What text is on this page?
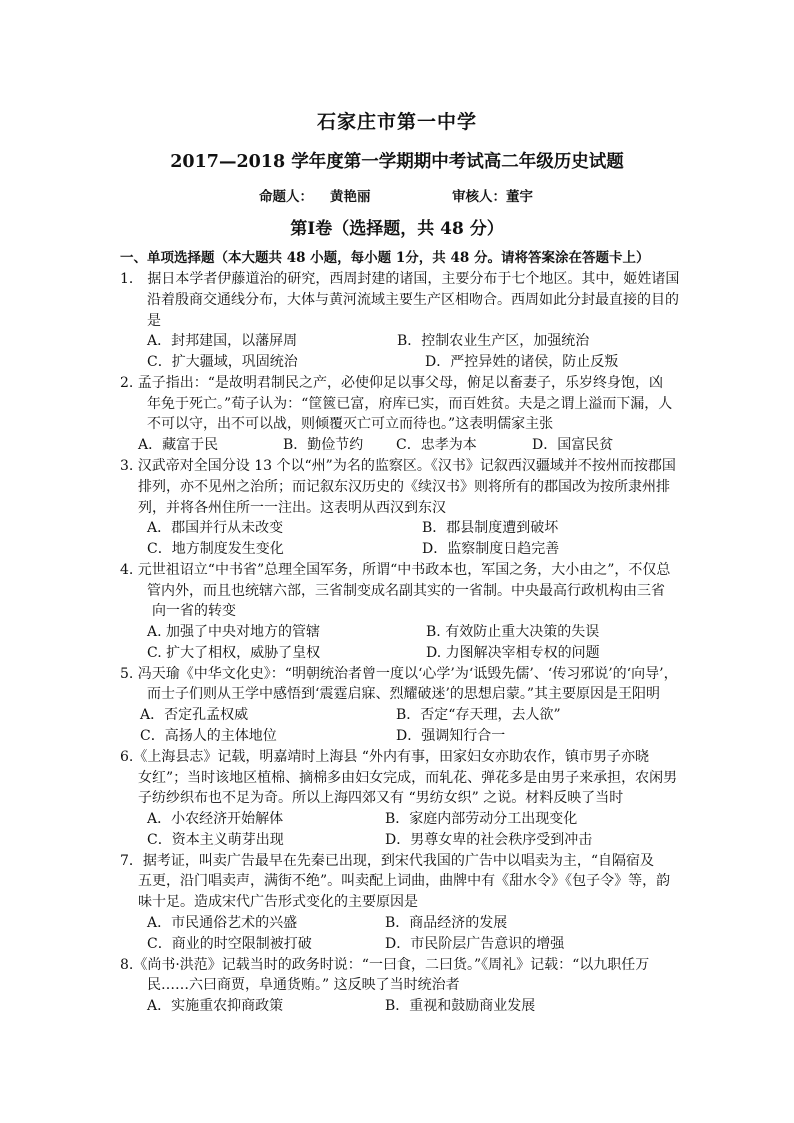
石家庄市第一中学
2017—2018 学年度第一学期期中考试高二年级历史试题
命题人： 黄艳丽	审核人：董宇
第Ⅰ卷（选择题，共 48 分）
一、单项选择题（本大题共 48 小题，每小题 1分，共 48 分。请将答案涂在答题卡上）
1． 据日本学者伊藤道治的研究，西周封建的诸国，主要分布于七个地区。其中，姬姓诸国
沿着殷商交通线分布，大体与黄河流域主要生产区相吻合。西周如此分封最直接的目的
是
A．封邦建国，以藩屏周	B．控制农业生产区，加强统治
C．扩大疆域，巩固统治	D．严控异姓的诸侯，防止反叛
2. 孟子指出：“是故明君制民之产，必使仰足以事父母，俯足以畜妻子，乐岁终身饱，凶
年免于死亡。”荀子认为：“筐篋已富，府库已实，而百姓贫。夫是之谓上溢而下漏，人
不可以守，出不可以战，则倾覆灭亡可立而待也。”这表明儒家主张
A．藏富于民	B．勤俭节约 C．忠孝为本	D．国富民贫
3. 汉武帝对全国分设 13 个以“州”为名的监察区。《汉书》记叙西汉疆域并不按州而按郡国
排列，亦不见州之治所；而记叙东汉历史的《续汉书》则将所有的郡国改为按所隶州排
列，并将各州住所一一注出。这表明从西汉到东汉
A．郡国并行从未改变	B．郡县制度遭到破坏
C．地方制度发生变化	D．监察制度日趋完善
4. 元世祖诏立“中书省”总理全国军务，所谓“中书政本也，军国之务，大小由之”，不仅总
管内外，而且也统辖六部，三省制变成名副其实的一省制。中央最高行政机构由三省
向一省的转变
A. 加强了中央对地方的管辖	B. 有效防止重大决策的失误
C. 扩大了相权，威胁了皇权	D. 力图解决宰相专权的问题
5. 冯天瑜《中华文化史》：“明朝统治者曾一度以‘心学’为‘诋毁先儒’、‘传习邪说’的‘向导’，
而士子们则从王学中感悟到‘震霆启寐、烈耀破迷’的思想启蒙。”其主要原因是王阳明
A．否定孔孟权威	B．否定“存天理，去人欲”
C．高扬人的主体地位	D．强调知行合一
6.《上海县志》记载，明嘉靖时上海县 “外内有事，田家妇女亦助农作，镇市男子亦晓
女红”；当时该地区植棉、摘棉多由妇女完成，而轧花、弹花多是由男子来承担，农闲男
子纺纱织布也不足为奇。所以上海四郊又有 “男纺女织” 之说。材料反映了当时
A．小农经济开始解体	B．家庭内部劳动分工出现变化
C．资本主义萌芽出现	D．男尊女卑的社会秩序受到冲击
7．据考证，叫卖广告最早在先秦已出现，到宋代我国的广告中以唱卖为主，“自隔宿及
五更，沿门唱卖声，满街不绝”。叫卖配上词曲，曲牌中有《甜水令》《包子令》等，韵
味十足。造成宋代广告形式变化的主要原因是
A．市民通俗艺术的兴盛	B．商品经济的发展
C．商业的时空限制被打破	D．市民阶层广告意识的增强
8.《尚书·洪范》记载当时的政务时说：“一曰食，二曰货。”《周礼》记载：“以九职任万
民……六曰商贾，阜通货贿。” 这反映了当时统治者
A．实施重农抑商政策	B．重视和鼓励商业发展
